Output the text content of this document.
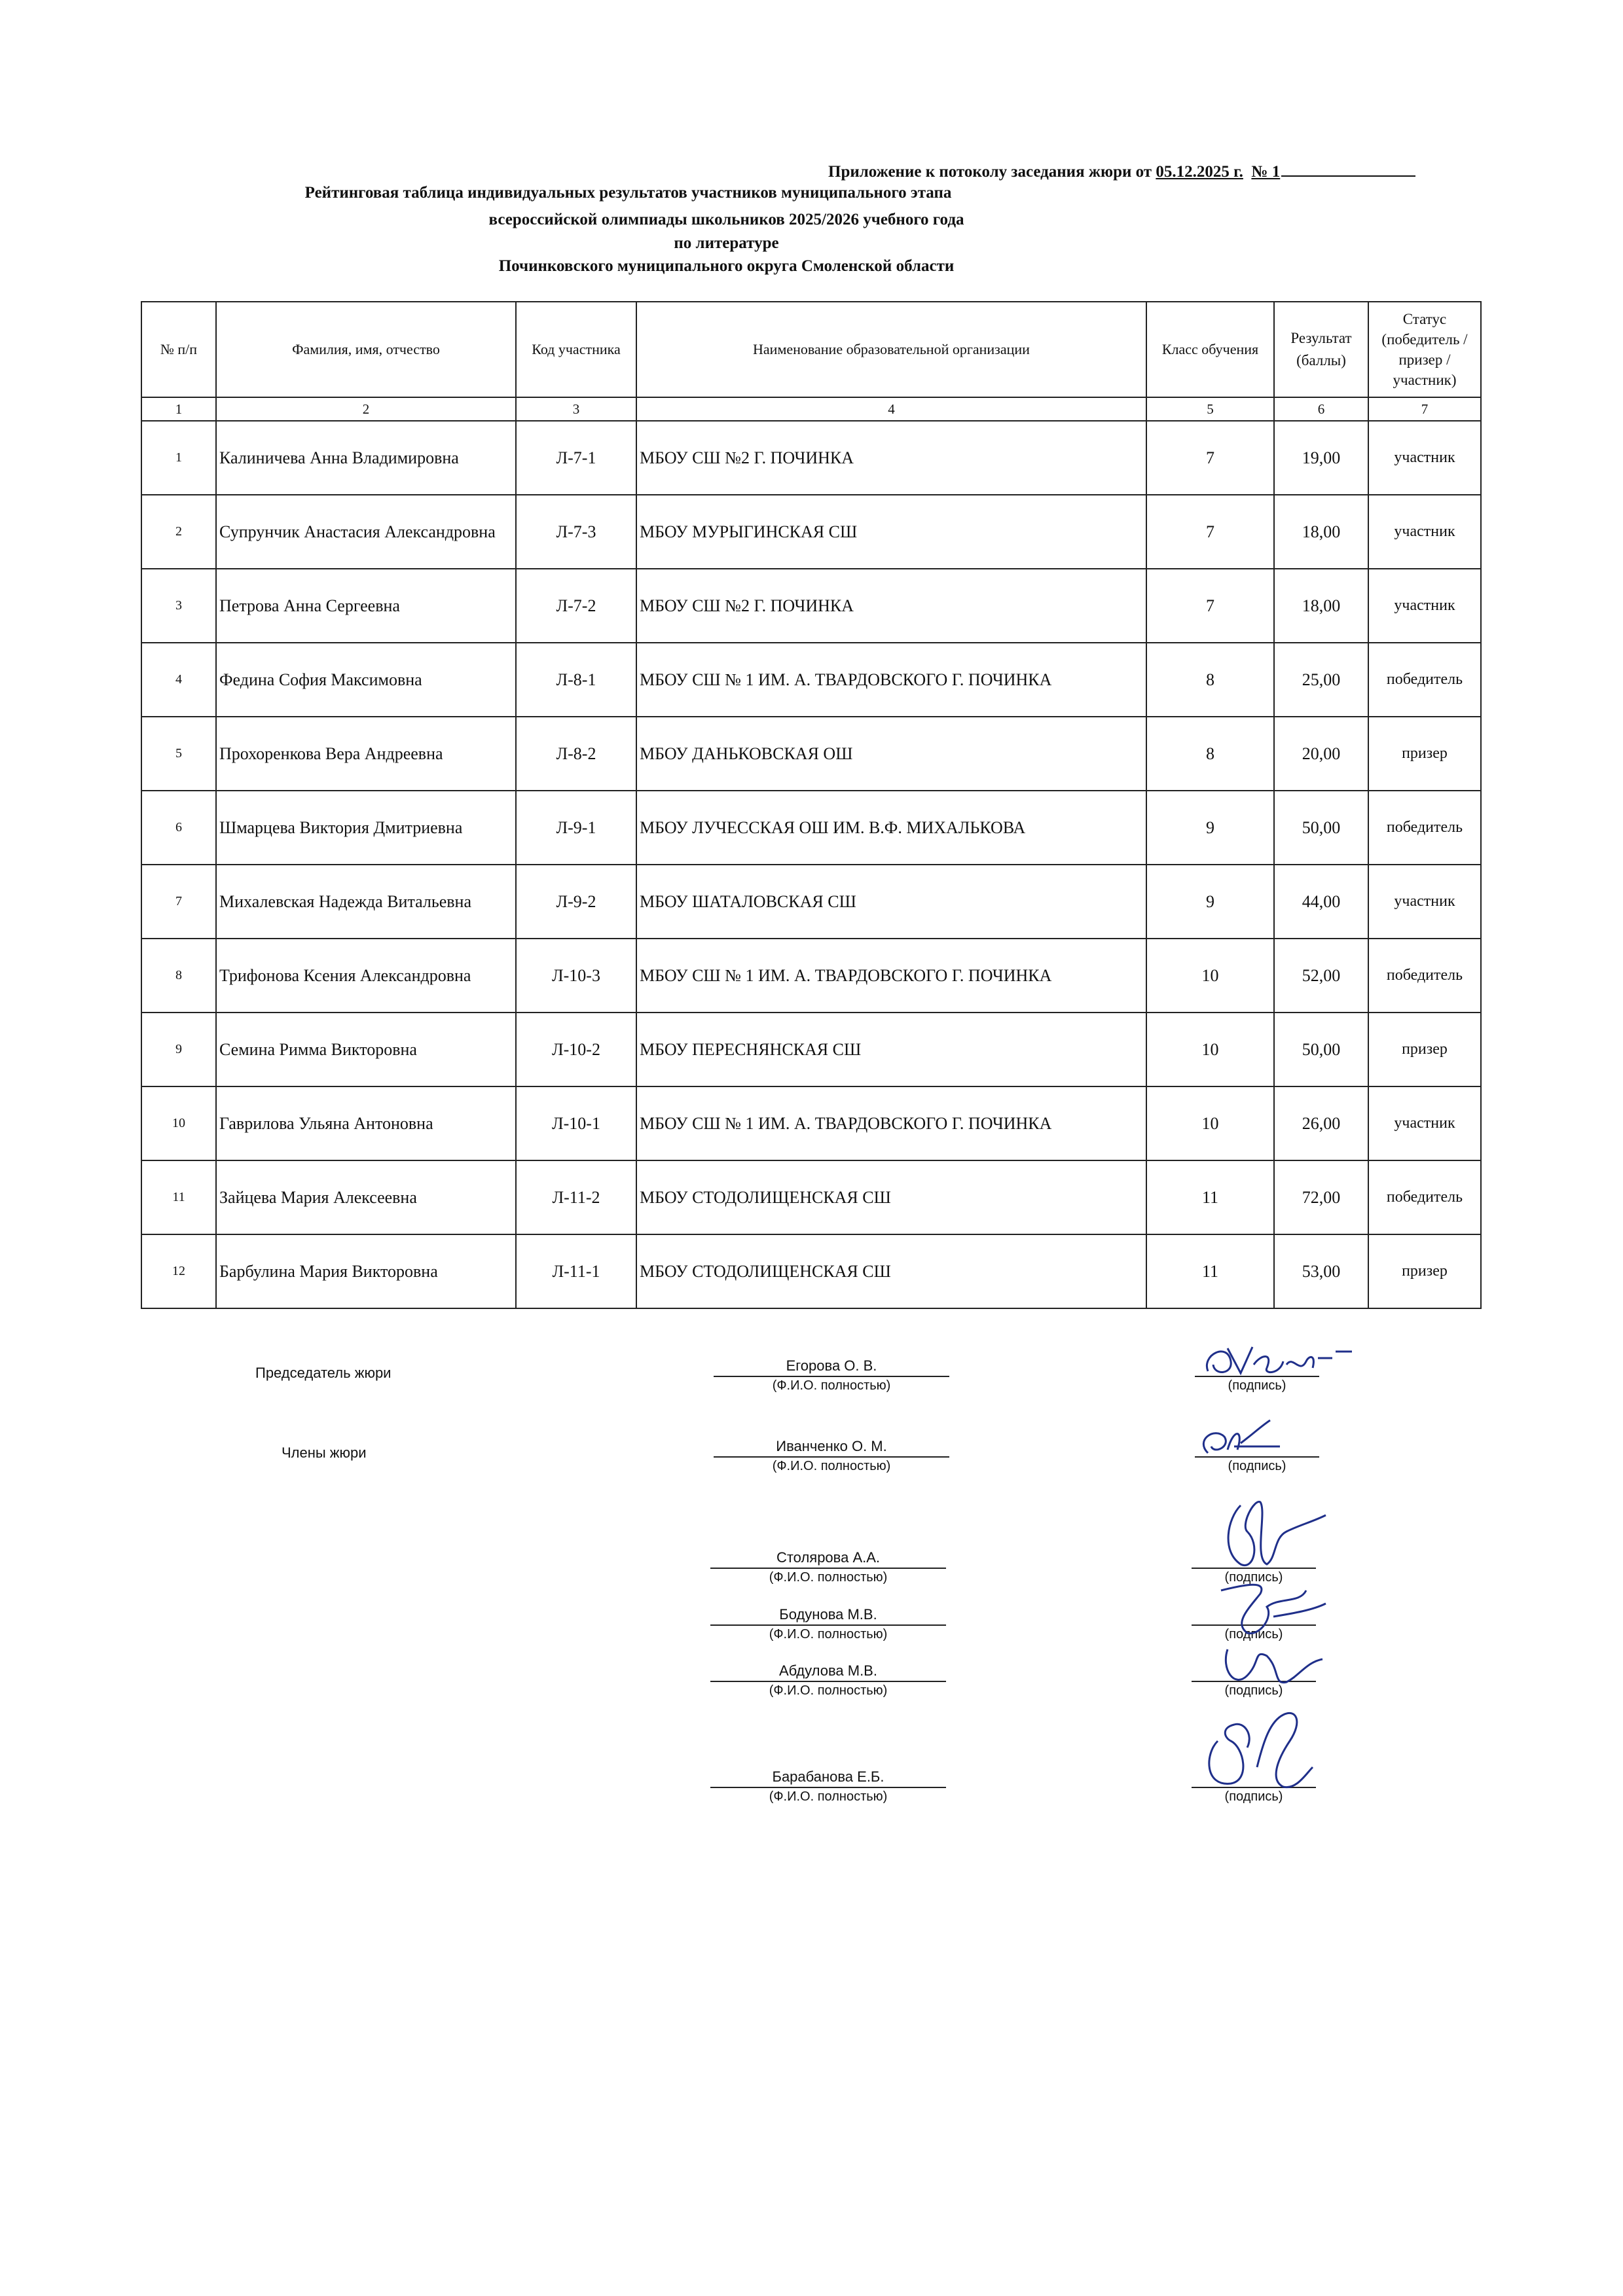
Приложение к потоколу заседания жюри от 05.12.2025 г. № 1
Рейтинговая таблица индивидуальных результатов участников муниципального этапа
всероссийской олимпиады школьников 2025/2026 учебного года
по литературе
Починковского муниципального округа Смоленской области
№ п/п	Фамилия, имя, отчество	Код участника	Наименование образовательной организации	Класс обучения	Результат (баллы)	Статус (победитель / призер / участник)
1	2	3	4	5	6	7
1	Калиничева Анна Владимировна	Л-7-1	МБОУ СШ №2 Г. ПОЧИНКА	7	19,00	участник
2	Супрунчик Анастасия Александровна	Л-7-3	МБОУ МУРЫГИНСКАЯ СШ	7	18,00	участник
3	Петрова Анна Сергеевна	Л-7-2	МБОУ СШ №2 Г. ПОЧИНКА	7	18,00	участник
4	Федина София Максимовна	Л-8-1	МБОУ СШ № 1 ИМ. А. ТВАРДОВСКОГО Г. ПОЧИНКА	8	25,00	победитель
5	Прохоренкова Вера Андреевна	Л-8-2	МБОУ ДАНЬКОВСКАЯ ОШ	8	20,00	призер
6	Шмарцева Виктория Дмитриевна	Л-9-1	МБОУ ЛУЧЕССКАЯ ОШ ИМ. В.Ф. МИХАЛЬКОВА	9	50,00	победитель
7	Михалевская Надежда Витальевна	Л-9-2	МБОУ ШАТАЛОВСКАЯ СШ	9	44,00	участник
8	Трифонова Ксения Александровна	Л-10-3	МБОУ СШ № 1 ИМ. А. ТВАРДОВСКОГО Г. ПОЧИНКА	10	52,00	победитель
9	Семина Римма Викторовна	Л-10-2	МБОУ ПЕРЕСНЯНСКАЯ СШ	10	50,00	призер
10	Гаврилова Ульяна Антоновна	Л-10-1	МБОУ СШ № 1 ИМ. А. ТВАРДОВСКОГО Г. ПОЧИНКА	10	26,00	участник
11	Зайцева Мария Алексеевна	Л-11-2	МБОУ СТОДОЛИЩЕНСКАЯ СШ	11	72,00	победитель
12	Барбулина Мария Викторовна	Л-11-1	МБОУ СТОДОЛИЩЕНСКАЯ СШ	11	53,00	призер
Председатель жюри
Члены жюри
Егорова О. В.
(Ф.И.О. полностью)
Иванченко О. М.
(Ф.И.О. полностью)
Столярова А.А.
(Ф.И.О. полностью)
Бодунова М.В.
(Ф.И.О. полностью)
Абдулова М.В.
(Ф.И.О. полностью)
Барабанова Е.Б.
(Ф.И.О. полностью)
(подпись)
(подпись)
(подпись)
(подпись)
(подпись)
(подпись)
